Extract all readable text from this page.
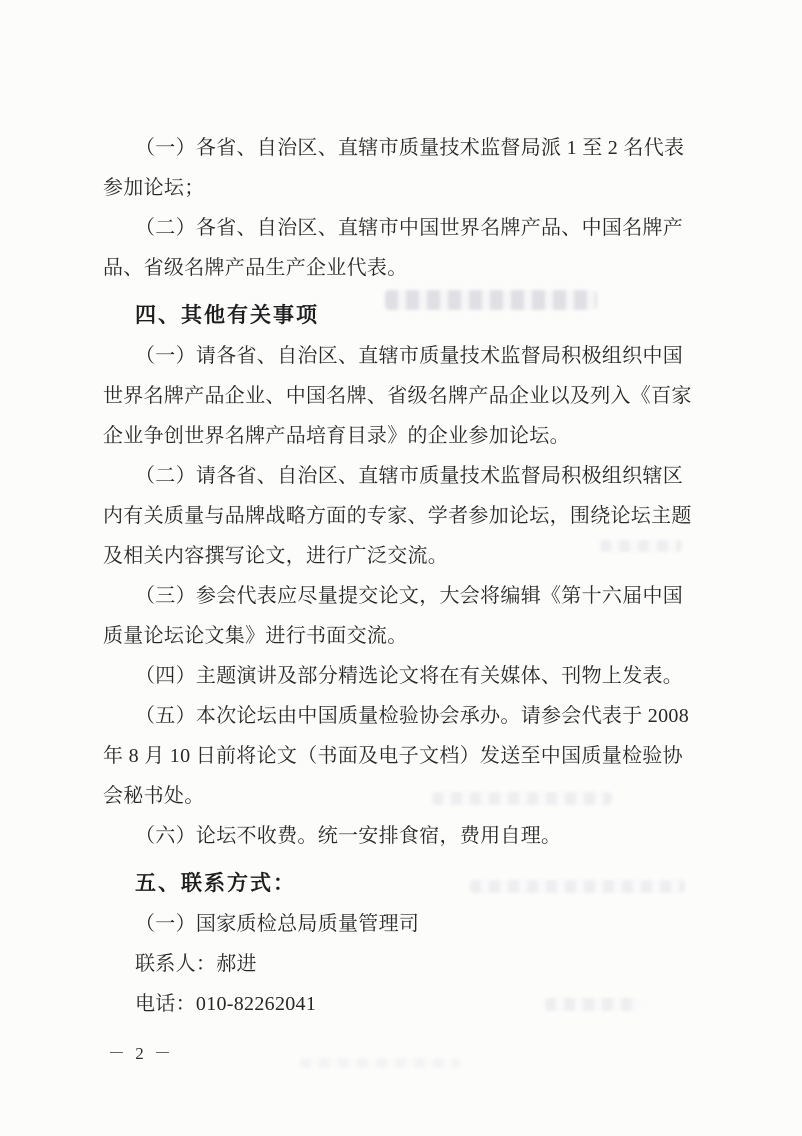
（一）各省、自治区、直辖市质量技术监督局派 1 至 2 名代表
参加论坛；
（二）各省、自治区、直辖市中国世界名牌产品、中国名牌产
品、省级名牌产品生产企业代表。
四、其他有关事项
（一）请各省、自治区、直辖市质量技术监督局积极组织中国
世界名牌产品企业、中国名牌、省级名牌产品企业以及列入《百家
企业争创世界名牌产品培育目录》的企业参加论坛。
（二）请各省、自治区、直辖市质量技术监督局积极组织辖区
内有关质量与品牌战略方面的专家、学者参加论坛，围绕论坛主题
及相关内容撰写论文，进行广泛交流。
（三）参会代表应尽量提交论文，大会将编辑《第十六届中国
质量论坛论文集》进行书面交流。
（四）主题演讲及部分精选论文将在有关媒体、刊物上发表。
（五）本次论坛由中国质量检验协会承办。请参会代表于 2008
年 8 月 10 日前将论文（书面及电子文档）发送至中国质量检验协
会秘书处。
（六）论坛不收费。统一安排食宿，费用自理。
五、联系方式：
（一）国家质检总局质量管理司
联系人：郝进
电话：010-82262041
－ 2 －
